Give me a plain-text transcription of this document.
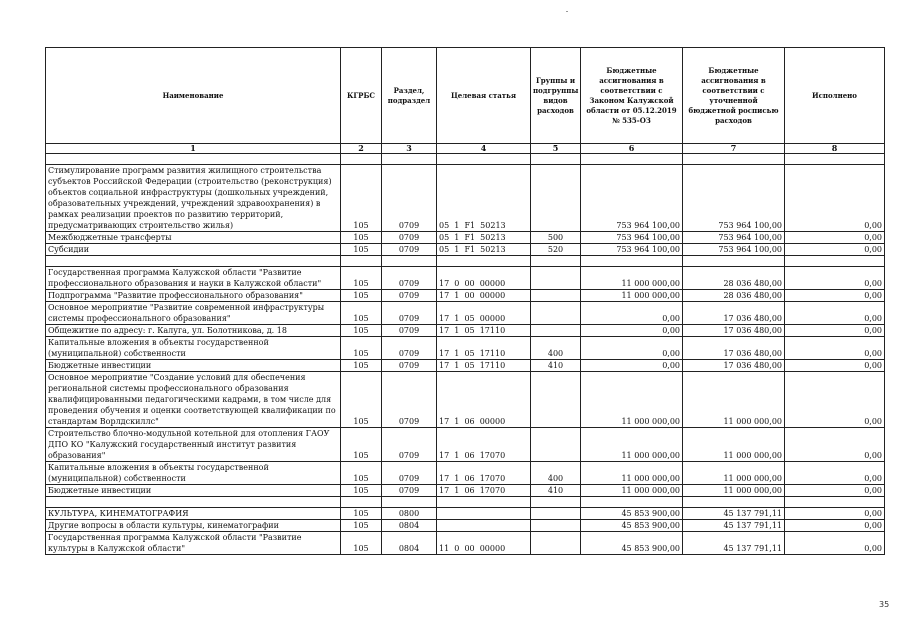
Наименование	КГРБС	Раздел, подраздел	Целевая статья	Группы и подгруппы видов расходов	Бюджетные ассигнования в соответствии с Законом Калужской области от 05.12.2019 № 535-ОЗ	Бюджетные ассигнования в соответствии с уточненной бюджетной росписью расходов	Исполнено
1	2	3	4	5	6	7	8

Стимулирование программ развития жилищного строительства субъектов Российской Федерации (строительство (реконструкция) объектов социальной инфраструктуры (дошкольных учреждений, образовательных учреждений, учреждений здравоохранения) в рамках реализации проектов по развитию территорий, предусматривающих строительство жилья)	105	0709	05  1  F1  50213		753 964 100,00	753 964 100,00	0,00
Межбюджетные трансферты	105	0709	05  1  F1  50213	500	753 964 100,00	753 964 100,00	0,00
Субсидии	105	0709	05  1  F1  50213	520	753 964 100,00	753 964 100,00	0,00

Государственная программа Калужской области "Развитие профессионального образования и науки в Калужской области"	105	0709	17  0  00  00000		11 000 000,00	28 036 480,00	0,00
Подпрограмма "Развитие профессионального образования"	105	0709	17  1  00  00000		11 000 000,00	28 036 480,00	0,00
Основное мероприятие "Развитие современной инфраструктуры системы профессионального образования"	105	0709	17  1  05  00000		0,00	17 036 480,00	0,00
Общежитие по адресу: г. Калуга, ул. Болотникова, д. 18	105	0709	17  1  05  17110		0,00	17 036 480,00	0,00
Капитальные вложения в объекты государственной (муниципальной) собственности	105	0709	17  1  05  17110	400	0,00	17 036 480,00	0,00
Бюджетные инвестиции	105	0709	17  1  05  17110	410	0,00	17 036 480,00	0,00
Основное мероприятие "Создание условий для обеспечения региональной системы профессионального образования квалифицированными педагогическими кадрами, в том числе для проведения обучения и оценки соответствующей квалификации по стандартам Ворлдскиллс"	105	0709	17  1  06  00000		11 000 000,00	11 000 000,00	0,00
Строительство блочно-модульной котельной для отопления ГАОУ ДПО КО "Калужский государственный институт развития образования"	105	0709	17  1  06  17070		11 000 000,00	11 000 000,00	0,00
Капитальные вложения в объекты государственной (муниципальной) собственности	105	0709	17  1  06  17070	400	11 000 000,00	11 000 000,00	0,00
Бюджетные инвестиции	105	0709	17  1  06  17070	410	11 000 000,00	11 000 000,00	0,00

КУЛЬТУРА, КИНЕМАТОГРАФИЯ	105	0800			45 853 900,00	45 137 791,11	0,00
Другие вопросы в области культуры, кинематографии	105	0804			45 853 900,00	45 137 791,11	0,00
Государственная программа Калужской области "Развитие культуры в Калужской области"	105	0804	11  0  00  00000		45 853 900,00	45 137 791,11	0,00
35
